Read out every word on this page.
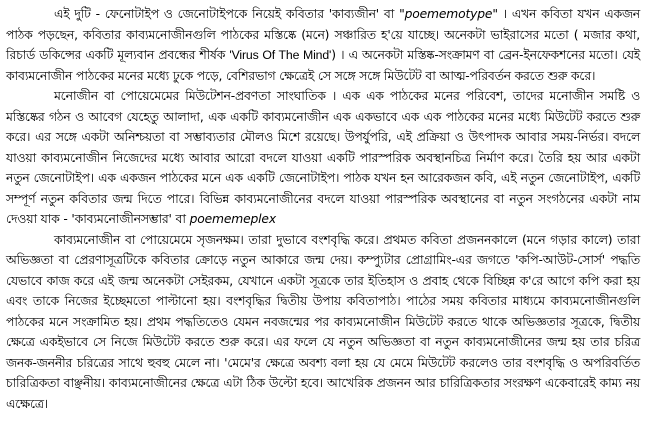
এই দুটি - ফেনোটাইপ ও জেনোটাইপকে নিয়েই কবিতার 'কাব্যজীন' বা "poememotype" । এখন কবিতা যখন একজন পাঠক পড়ছেন, কবিতার কাব্যমনোজীনগুলি পাঠকের মস্তিষ্কে (মনে) সঞ্চারিত হ'য়ে যাচ্ছে। অনেকটা ভাইরাসের মতো ( মজার কথা, রিচার্ড ডকিন্সের একটি মূল্যবান প্রবন্ধের শীর্ষক 'Virus Of The Mind') । এ অনেকটা মস্তিষ্ক-সংক্রামণ বা ব্রেন-ইনফেকশনের মতো। যেই কাব্যমনোজীন পাঠকের মনের মধ্যে ঢুকে পড়ে, বেশিরভাগ ক্ষেত্রেই সে সঙ্গে সঙ্গে মিউটেট বা আত্ম-পরিবর্তন করতে শুরু করে।

মনোজীন বা পোয়েমেমের মিউটেশন-প্রবণতা সাংঘাতিক । এক এক পাঠকের মনের পরিবেশ, তাদের মনোজীন সমষ্টি ও মস্তিষ্কের গঠন ও আবেগ যেহেতু আলাদা, এক একটি কাব্যমনোজীন এক একভাবে এক এক পাঠকের মনের মধ্যে মিউটেট করতে শুরু করে। এর সঙ্গে একটা অনিশ্চয়তা বা সম্ভাব্যতার মৌলও মিশে রয়েছে। উপর্যুপরি, এই প্রক্রিয়া ও উৎপাদক আবার সময়-নির্ভর। বদলে যাওয়া কাব্যমনোজীন নিজেদের মধ্যে আবার আরো বদলে যাওয়া একটি পারস্পরিক অবস্থানচিত্র নির্মাণ করে। তৈরি হয় আর একটা নতুন জেনোটাইপ। এক একজন পাঠকের মনে এক একটি জেনোটাইপ। পাঠক যখন হন আরেকজন কবি, এই নতুন জেনোটাইপ, একটি সম্পূর্ণ নতুন কবিতার জন্ম দিতে পারে। বিভিন্ন কাব্যমনোজীনের বদলে যাওয়া পারস্পরিক অবস্থানের বা নতুন সংগঠনের একটা নাম দেওয়া যাক - 'কাব্যমনোজীনসম্ভার' বা poememeplex

কাব্যমনোজীন বা পোয়েমেমে সৃজনক্ষম। তারা দুভাবে বংশবৃদ্ধি করে। প্রথমত কবিতা প্রজননকালে (মনে গড়ার কালে) তারা অভিজ্ঞতা বা প্রেরণাসূত্রটিকে কবিতার ক্রোড়ে নতুন আকারে জন্ম দেয়। কম্প্যুটার প্রোগ্রামিং-এর জগতে 'কপি-আউট-সোর্স' পদ্ধতি যেভাবে কাজ করে এই জন্ম অনেকটা সেইরকম, যেখানে একটা সূত্রকে তার ইতিহাস ও প্রবাহ থেকে বিচ্ছিন্ন ক'রে আগে কপি করা হয় এবং তাকে নিজের ইচ্ছেমতো পাল্টানো হয়। বংশবৃদ্ধির দ্বিতীয় উপায় কবিতাপাঠ। পাঠের সময় কবিতার মাধ্যমে কাব্যমনোজীনগুলি পাঠকের মনে সংক্রামিত হয়। প্রথম পদ্ধতিতেও যেমন নবজন্মের পর কাব্যমনোজীন মিউটেট করতে থাকে অভিজ্ঞতার সূত্রকে, দ্বিতীয় ক্ষেত্রে একইভাবে সে নিজে মিউটেট করতে শুরু করে। এর ফলে যে নতুন অভিজ্ঞতা বা নতুন কাব্যমনোজীনের জন্ম হয় তার চরিত্র জনক-জননীর চরিত্রের সাথে হুবহু মেলে না। 'মেমে'র ক্ষেত্রে অবশ্য বলা হয় যে মেমে মিউটেট করলেও তার বংশবৃদ্ধি ও অপরিবর্তিত চারিত্রিকতা বাঞ্ছনীয়। কাব্যমনোজীনের ক্ষেত্রে এটা ঠিক উল্টো হবে। আখেরিক প্রজনন আর চারিত্রিকতার সংরক্ষণ একেবারেই কাম্য নয় এক্ষেত্রে।
